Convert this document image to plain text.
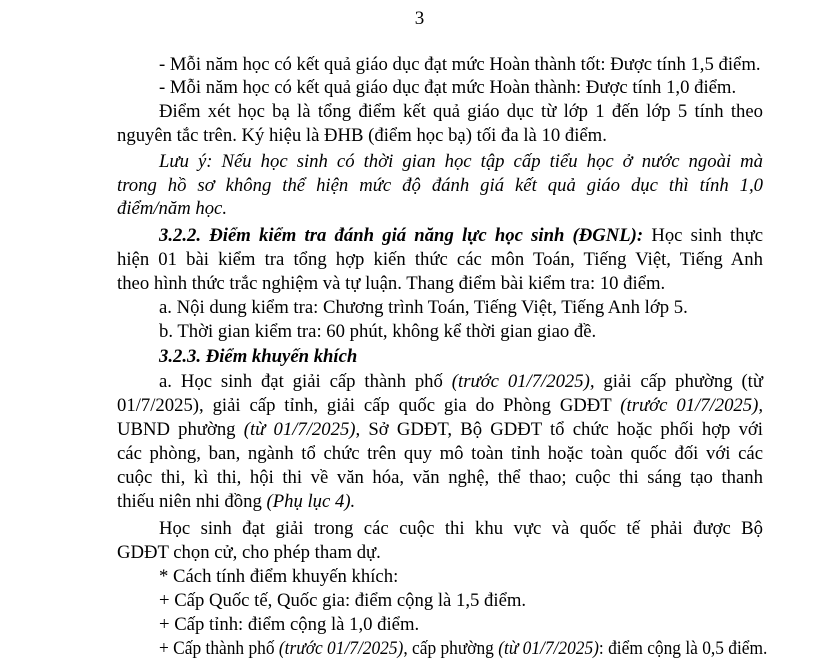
3
- Mỗi năm học có kết quả giáo dục đạt mức Hoàn thành tốt: Được tính 1,5 điểm.
- Mỗi năm học có kết quả giáo dục đạt mức Hoàn thành: Được tính 1,0 điểm.
Điểm xét học bạ là tổng điểm kết quả giáo dục từ lớp 1 đến lớp 5 tính theo
nguyên tắc trên. Ký hiệu là ĐHB (điểm học bạ) tối đa là 10 điểm.
Lưu ý: Nếu học sinh có thời gian học tập cấp tiểu học ở nước ngoài mà
trong hồ sơ không thể hiện mức độ đánh giá kết quả giáo dục thì tính 1,0
điểm/năm học.
3.2.2. Điểm kiểm tra đánh giá năng lực học sinh (ĐGNL): Học sinh thực
hiện 01 bài kiểm tra tổng hợp kiến thức các môn Toán, Tiếng Việt, Tiếng Anh
theo hình thức trắc nghiệm và tự luận. Thang điểm bài kiểm tra: 10 điểm.
a. Nội dung kiểm tra: Chương trình Toán, Tiếng Việt, Tiếng Anh lớp 5.
b. Thời gian kiểm tra: 60 phút, không kể thời gian giao đề.
3.2.3. Điểm khuyến khích
a. Học sinh đạt giải cấp thành phố (trước 01/7/2025), giải cấp phường (từ
01/7/2025), giải cấp tỉnh, giải cấp quốc gia do Phòng GDĐT (trước 01/7/2025),
UBND phường (từ 01/7/2025), Sở GDĐT, Bộ GDĐT tổ chức hoặc phối hợp với
các phòng, ban, ngành tổ chức trên quy mô toàn tỉnh hoặc toàn quốc đối với các
cuộc thi, kì thi, hội thi về văn hóa, văn nghệ, thể thao; cuộc thi sáng tạo thanh
thiếu niên nhi đồng (Phụ lục 4).
Học sinh đạt giải trong các cuộc thi khu vực và quốc tế phải được Bộ
GDĐT chọn cử, cho phép tham dự.
* Cách tính điểm khuyến khích:
+ Cấp Quốc tế, Quốc gia: điểm cộng là 1,5 điểm.
+ Cấp tỉnh: điểm cộng là 1,0 điểm.
+ Cấp thành phố (trước 01/7/2025), cấp phường (từ 01/7/2025): điểm cộng là 0,5 điểm.
